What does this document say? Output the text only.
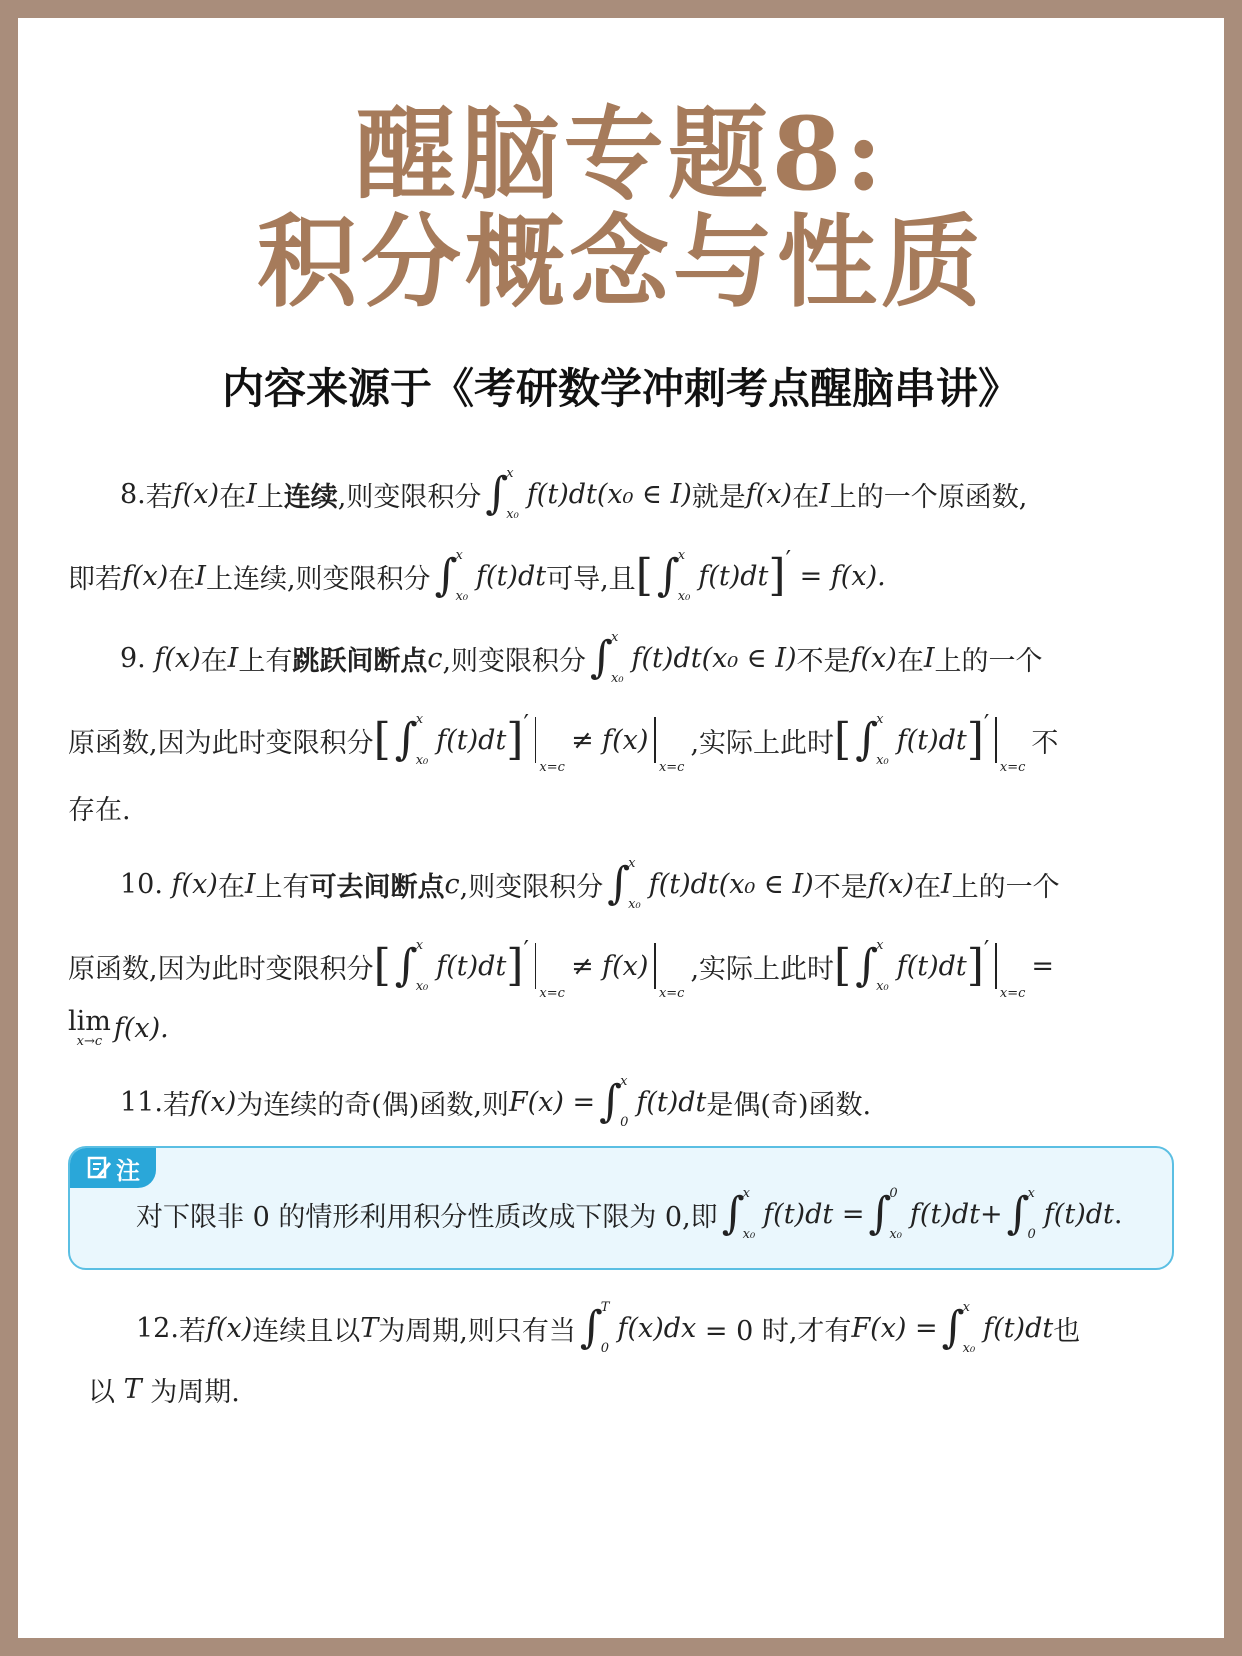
醒脑专题8:
积分概念与性质
内容来源于《考研数学冲刺考点醒脑串讲》
8. 若 f(x) 在 I 上 连续 ,则变限积分 ∫
x
x₀
f(t)dt (x₀ ∈ I) 就是 f(x) 在 I 上的一个原函数,
即若 f(x) 在 I 上连续,则变限积分 ∫
x
x₀
f(t)dt 可导,且 [ ∫
x
x₀
f(t)dt ] ′

= f(x).
9.
f(x) 在 I 上有 跳跃间断点 c ,则变限积分 ∫
x
x₀
f(t)dt (x₀ ∈ I) 不是 f(x) 在 I 上的一个
原函数,因为此时变限积分 [ ∫
x
x₀
f(t)dt ] ′
x=c
≠ f(x)
x=c
,实际上此时 [ ∫
x
x₀
f(t)dt ] ′
x=c
不
存在.
10.
f(x) 在 I 上有 可去间断点 c ,则变限积分 ∫
x
x₀
f(t)dt (x₀ ∈ I) 不是 f(x) 在 I 上的一个
原函数,因为此时变限积分 [ ∫
x
x₀
f(t)dt ] ′
x=c
≠ f(x)
x=c
,实际上此时 [ ∫
x
x₀
f(t)dt ] ′
x=c
=
lim
x→c f(x).
11. 若 f(x) 为连续的奇(偶)函数,则 F(x) = ∫
x
0
f(t)dt 是偶(奇)函数.
注
对下限非 0 的情形利用积分性质改成下限为 0,即 ∫
x
x₀
f(t)dt
= ∫
0
x₀
f(t)dt + ∫
x
0
f(t)dt .
12. 若 f(x) 连续且以 T 为周期,则只有当 ∫
T
0
f(x)dx
= 0 时,才有 F(x) = ∫
x
x₀
f(t)dt 也
以
T
为周期.
